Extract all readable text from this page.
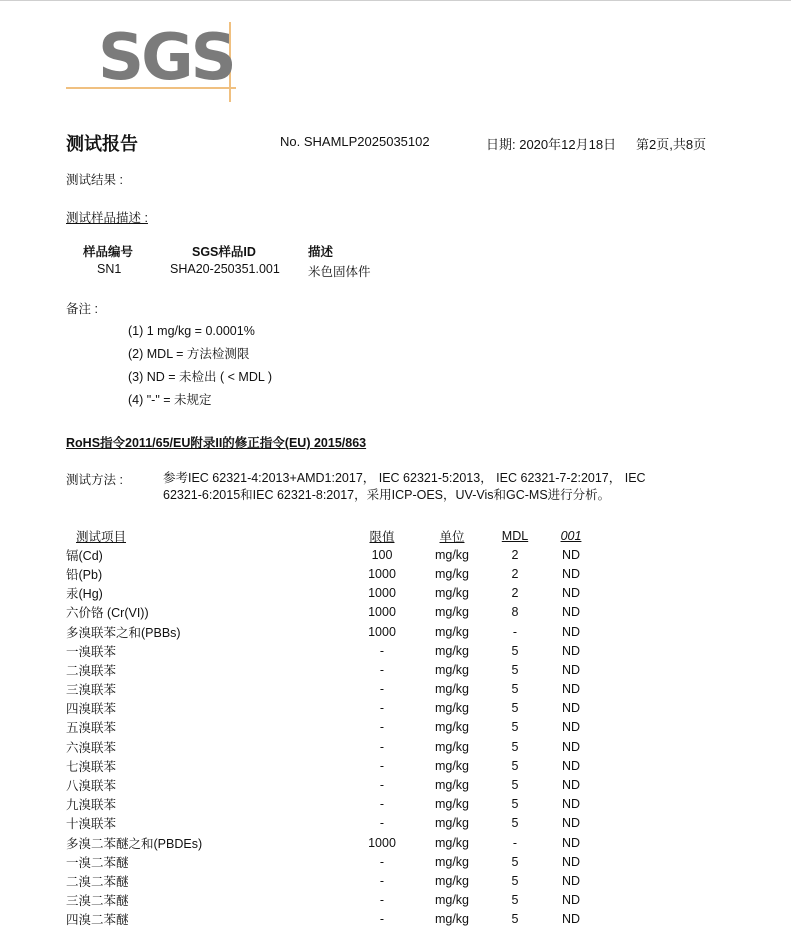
SGS
测试报告	No. SHAMLP2025035102	日期: 2020年12月18日 第2页,共8页
测试结果 :
测试样品描述 :
样品编号	SGS样品ID	描述
SN1	SHA20-250351.001 米色固体件
备注 :
(1) 1 mg/kg = 0.0001%
(2) MDL = 方法检测限
(3) ND = 未检出 ( < MDL )
(4) "-" = 未规定
RoHS指令2011/65/EU附录II的修正指令(EU) 2015/863
测试方法 :	参考IEC 62321-4:2013+AMD1:2017， IEC 62321-5:2013， IEC 62321-7-2:2017， IEC 62321-6:2015和IEC 62321-8:2017，采用ICP-OES，UV-Vis和GC-MS进行分析。
测试项目	限值	单位	MDL	001
镉(Cd)	100	mg/kg	2	ND
铅(Pb)	1000	mg/kg	2	ND
汞(Hg)	1000	mg/kg	2	ND
六价铬 (Cr(VI))	1000	mg/kg	8	ND
多溴联苯之和(PBBs)	1000	mg/kg	-	ND
一溴联苯	-	mg/kg	5	ND
二溴联苯	-	mg/kg	5	ND
三溴联苯	-	mg/kg	5	ND
四溴联苯	-	mg/kg	5	ND
五溴联苯	-	mg/kg	5	ND
六溴联苯	-	mg/kg	5	ND
七溴联苯	-	mg/kg	5	ND
八溴联苯	-	mg/kg	5	ND
九溴联苯	-	mg/kg	5	ND
十溴联苯	-	mg/kg	5	ND
多溴二苯醚之和(PBDEs)	1000	mg/kg	-	ND
一溴二苯醚	-	mg/kg	5	ND
二溴二苯醚	-	mg/kg	5	ND
三溴二苯醚	-	mg/kg	5	ND
四溴二苯醚	-	mg/kg	5	ND
